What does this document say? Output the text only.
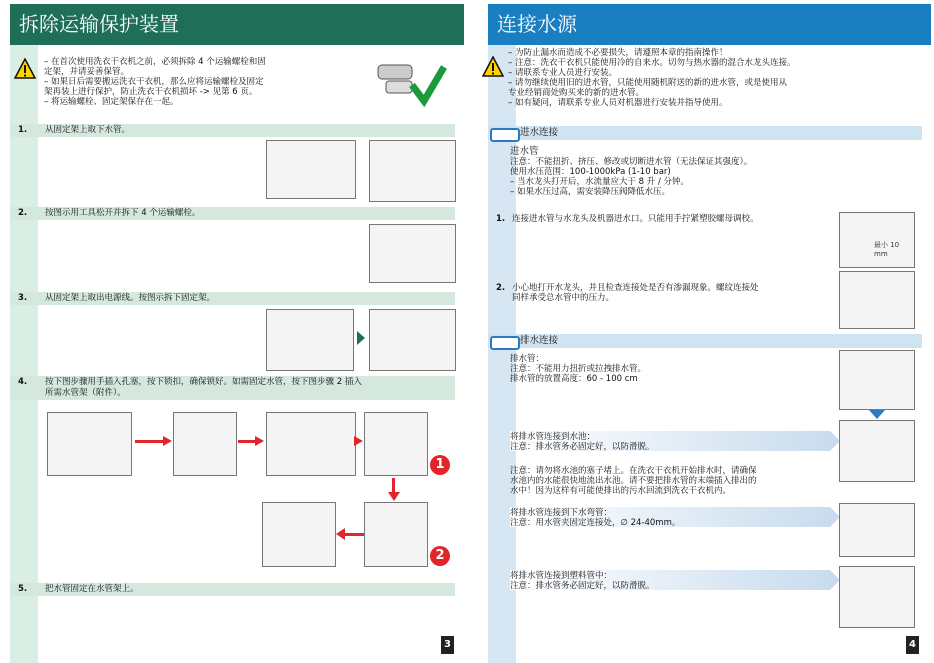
拆除运输保护装置
– 在首次使用洗衣干衣机之前，必须拆除 4 个运输螺栓和固
定架，并请妥善保管。
– 如果日后需要搬运洗衣干衣机，那么应将运输螺栓及固定
架再装上进行保护，防止洗衣干衣机损坏 -> 见第 6 页。
– 将运输螺栓、固定架保存在一起。
1.	从固定架上取下水管。
2.	按图示用工具松开并拆下 4 个运输螺栓。
3.	从固定架上取出电源线。按图示拆下固定架。
4.	按下图步骤用手插入孔塞，按下锁扣，确保锁好。如需固定水管，按下图步骤 2 插入
所需水管架（附件）。
1
2
5.	把水管固定在水管架上。
3
连接水源
– 为防止漏水而造成不必要损失，请遵照本章的指南操作！
– 注意：洗衣干衣机只能使用冷的自来水。切勿与热水器的混合水龙头连接。
– 请联系专业人员进行安装。
– 请勿继续使用旧的进水管，只能使用随机附送的新的进水管，或是使用从
专业经销商处购买来的新的进水管。
– 如有疑问，请联系专业人员对机器进行安装并指导使用。
进水连接
进水管
注意：不能扭折、挤压、修改或切断进水管（无法保证其强度）。
使用水压范围：100-1000kPa (1-10 bar)
– 当水龙头打开后，水流量应大于 8 升 / 分钟。
– 如果水压过高，需安装降压阀降低水压。
1. 连接进水管与水龙头及机器进水口。只能用手拧紧塑胶螺母调校。
最小 10 mm
2. 小心地打开水龙头，并且检查连接处是否有渗漏现象。螺纹连接处
同样承受总水管中的压力。
排水连接
排水管：
注意：不能用力扭折或拉拽排水管。
排水管的放置高度：60 - 100 cm
将排水管连接到水池：
注意：排水管务必固定好，以防滑脱。
注意：请勿将水池的塞子堵上。在洗衣干衣机开始排水时，请确保
水池内的水能很快地流出水池。请不要把排水管的末端插入排出的
水中！因为这样有可能使排出的污水回流到洗衣干衣机内。
将排水管连接到下水弯管：
注意：用水管夹固定连接处，∅ 24-40mm。
将排水管连接到塑料管中：
注意：排水管务必固定好，以防滑脱。
4
